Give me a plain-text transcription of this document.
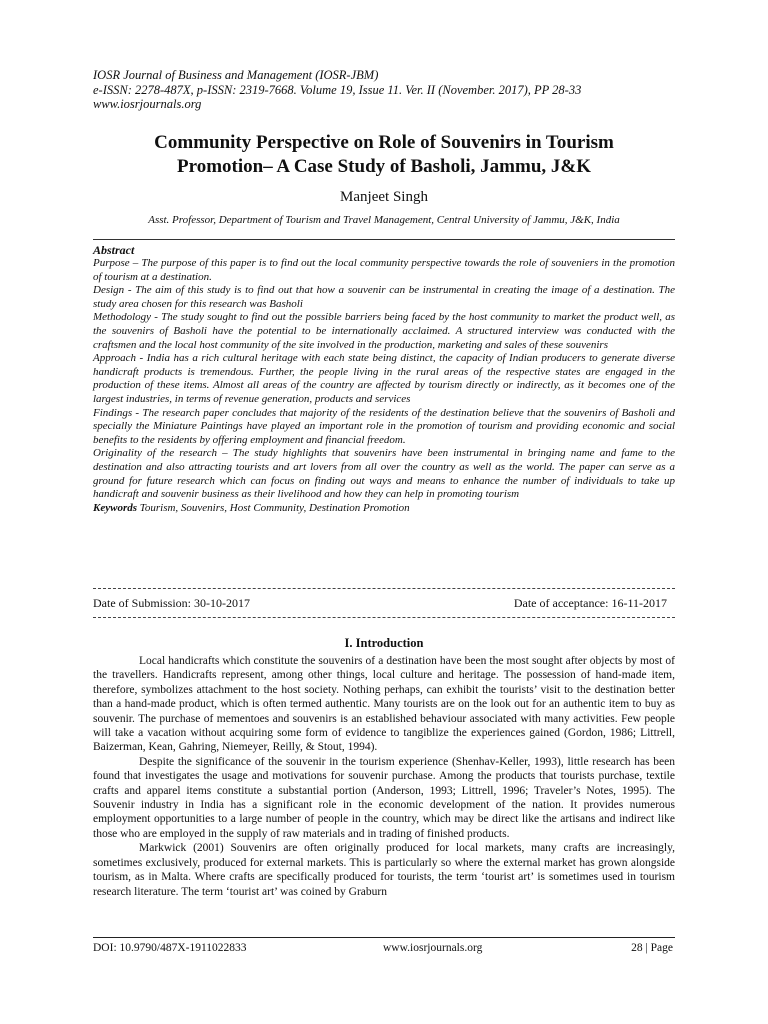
IOSR Journal of Business and Management (IOSR-JBM)
e-ISSN: 2278-487X, p-ISSN: 2319-7668. Volume 19, Issue 11. Ver. II (November. 2017), PP 28-33
www.iosrjournals.org
Community Perspective on Role of Souvenirs in Tourism
Promotion– A Case Study of Basholi, Jammu, J&K
Manjeet Singh
Asst. Professor, Department of Tourism and Travel Management, Central University of Jammu, J&K, India
Abstract

Purpose – The purpose of this paper is to find out the local community perspective towards the role of souveniers in the promotion of tourism at a destination.

Design - The aim of this study is to find out that how a souvenir can be instrumental in creating the image of a destination. The study area chosen for this research was Basholi

Methodology - The study sought to find out the possible barriers being faced by the host community to market the product well, as the souvenirs of Basholi have the potential to be internationally acclaimed. A structured interview was conducted with the craftsmen and the local host community of the site involved in the production, marketing and sales of these souvenirs

Approach - India has a rich cultural heritage with each state being distinct, the capacity of Indian producers to generate diverse handicraft products is tremendous. Further, the people living in the rural areas of the respective states are engaged in the production of these items. Almost all areas of the country are affected by tourism directly or indirectly, as it becomes one of the largest industries, in terms of revenue generation, products and services

Findings - The research paper concludes that majority of the residents of the destination believe that the souvenirs of Basholi and specially the Miniature Paintings have played an important role in the promotion of tourism and providing economic and social benefits to the residents by offering employment and financial freedom.

Originality of the research – The study highlights that souvenirs have been instrumental in bringing name and fame to the destination and also attracting tourists and art lovers from all over the country as well as the world. The paper can serve as a ground for future research which can focus on finding out ways and means to enhance the number of individuals to take up handicraft and souvenir business as their livelihood and how they can help in promoting tourism

Keywords Tourism, Souvenirs, Host Community, Destination Promotion

Date of Submission: 30-10-2017	Date of acceptance: 16-11-2017
I. Introduction

Local handicrafts which constitute the souvenirs of a destination have been the most sought after objects by most of the travellers. Handicrafts represent, among other things, local culture and heritage. The possession of hand-made item, therefore, symbolizes attachment to the host society. Nothing perhaps, can exhibit the tourists’ visit to the destination better than a hand-made product, which is often termed authentic. Many tourists are on the look out for an authentic item to buy as souvenir. The purchase of mementoes and souvenirs is an established behaviour associated with many activities. Few people will take a vacation without acquiring some form of evidence to tangiblize the experiences gained (Gordon, 1986; Littrell, Baizerman, Kean, Gahring, Niemeyer, Reilly, & Stout, 1994).

Despite the significance of the souvenir in the tourism experience (Shenhav-Keller, 1993), little research has been found that investigates the usage and motivations for souvenir purchase. Among the products that tourists purchase, textile crafts and apparel items constitute a substantial portion (Anderson, 1993; Littrell, 1996; Traveler’s Notes, 1995). The Souvenir industry in India has a significant role in the economic development of the nation. It provides numerous employment opportunities to a large number of people in the country, which may be direct like the artisans and indirect like those who are employed in the supply of raw materials and in trading of finished products.

Markwick (2001) Souvenirs are often originally produced for local markets, many crafts are increasingly, sometimes exclusively, produced for external markets. This is particularly so where the external market has grown alongside tourism, as in Malta. Where crafts are specifically produced for tourists, the term ‘tourist art’ is sometimes used in tourism research literature. The term ‘tourist art’ was coined by Graburn

DOI: 10.9790/487X-1911022833	www.iosrjournals.org	28 | Page
